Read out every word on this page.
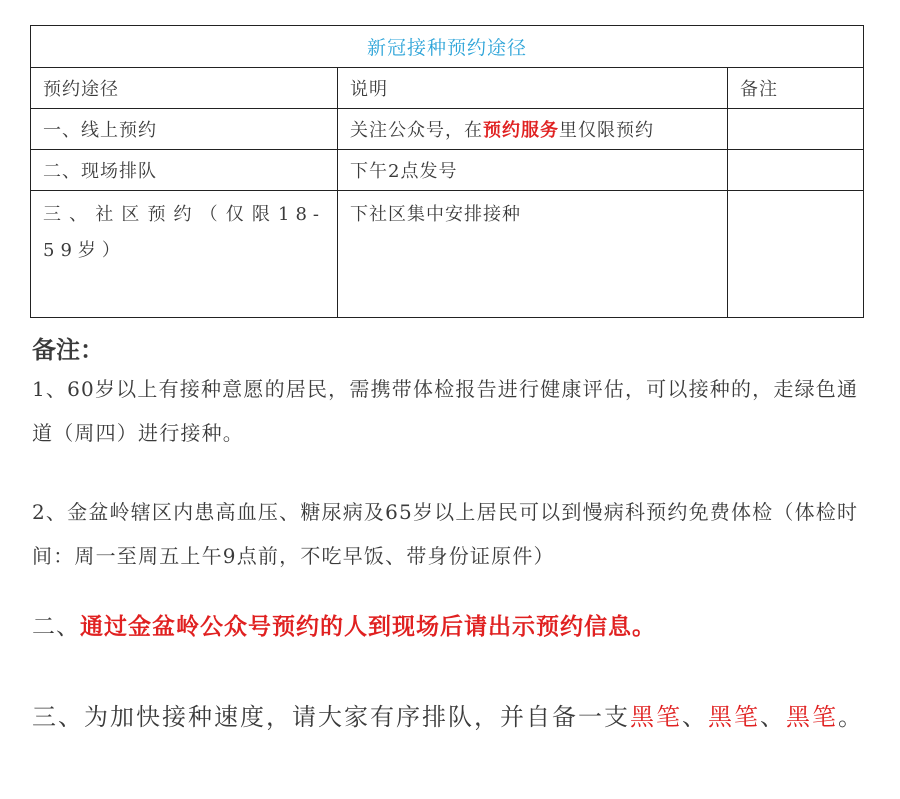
新冠接种预约途径		
预约途径	说明	备注
一、线上预约	关注公众号，在预约服务里仅限预约	
二、现场排队	下午2点发号	
三、社区预约（仅限18-59岁）	下社区集中安排接种	
备注：
1、60岁以上有接种意愿的居民，需携带体检报告进行健康评估，可以接种的，走绿色通道（周四）进行接种。
2、金盆岭辖区内患高血压、糖尿病及65岁以上居民可以到慢病科预约免费体检（体检时间：周一至周五上午9点前，不吃早饭、带身份证原件）
二、通过金盆岭公众号预约的人到现场后请出示预约信息。
三、为加快接种速度，请大家有序排队，并自备一支黑笔、黑笔、黑笔。
